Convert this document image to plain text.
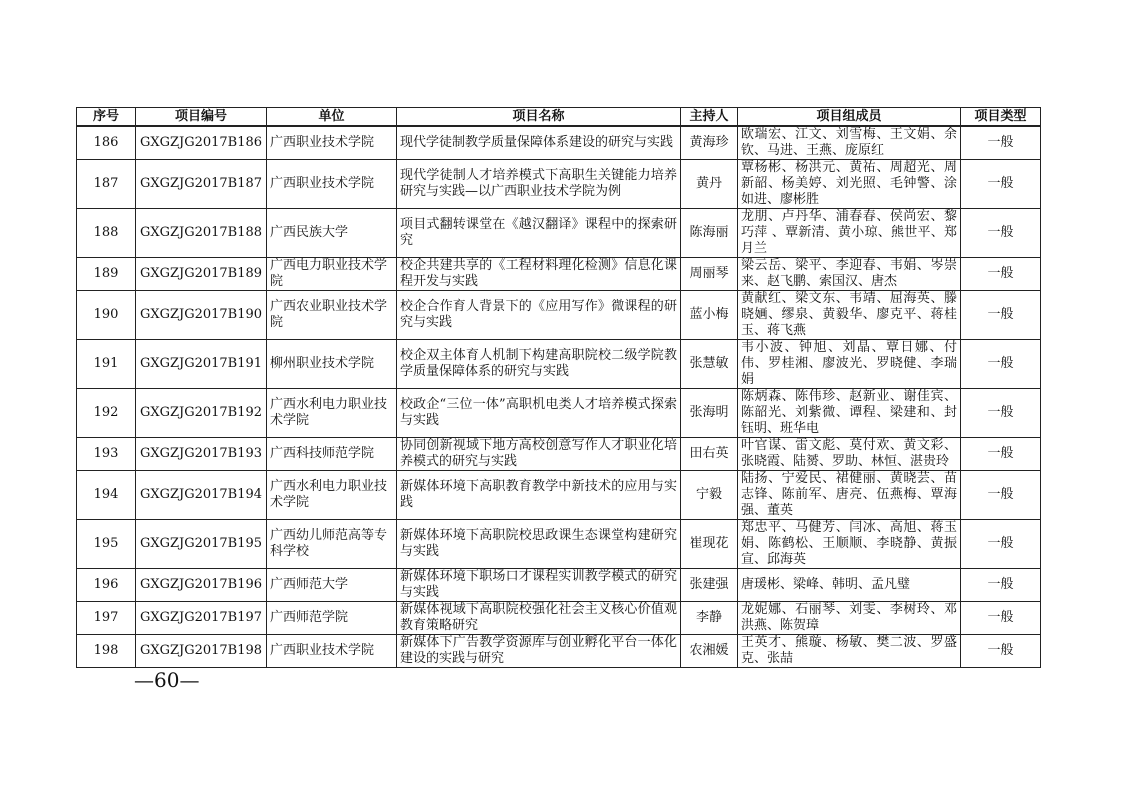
序号	项目编号	单位	项目名称	主持人	项目组成员	项目类型
186	GXGZJG2017B186	广西职业技术学院	现代学徒制教学质量保障体系建设的研究与实践	黄海珍	欧瑞宏、江文、刘雪梅、王文娟、余钦、马进、王燕、庞原红	一般
187	GXGZJG2017B187	广西职业技术学院	现代学徒制人才培养模式下高职生关键能力培养研究与实践—以广西职业技术学院为例	黄丹	覃杨彬、杨洪元、黄祐、周超光、周新韶、杨美婷、刘光照、毛钟警、涂如进、廖彬胜	一般
188	GXGZJG2017B188	广西民族大学	项目式翻转课堂在《越汉翻译》课程中的探索研究	陈海丽	龙朋、卢丹华、浦春春、侯尚宏、黎巧萍 、覃新清、黄小琼、熊世平、郑月兰	一般
189	GXGZJG2017B189	广西电力职业技术学院	校企共建共享的《工程材料理化检测》信息化课程开发与实践	周丽琴	梁云岳、梁平、李迎春、韦娟、岑崇来、赵飞鹏、索国汉、唐杰	一般
190	GXGZJG2017B190	广西农业职业技术学院	校企合作育人背景下的《应用写作》微课程的研究与实践	蓝小梅	黄献红、梁文东、韦靖、屈海英、滕晓婳、缪泉、黄毅华、廖克平、蒋桂玉、蒋飞燕	一般
191	GXGZJG2017B191	柳州职业技术学院	校企双主体育人机制下构建高职院校二级学院教学质量保障体系的研究与实践	张慧敏	韦小波、钟旭、刘晶、覃日娜、付伟、罗桂湘、廖波光、罗晓健、李瑞娟	一般
192	GXGZJG2017B192	广西水利电力职业技术学院	校政企“三位一体”高职机电类人才培养模式探索与实践	张海明	陈炳森、陈伟珍、赵新业、谢佳宾、陈韶光、刘紫微、谭程、梁建和、封钰明、班华电	一般
193	GXGZJG2017B193	广西科技师范学院	协同创新视域下地方高校创意写作人才职业化培养模式的研究与实践	田右英	叶官谋、雷文彪、莫付欢、黄文彩、张晓霞、陆赟、罗助、林恒、湛贵玲	一般
194	GXGZJG2017B194	广西水利电力职业技术学院	新媒体环境下高职教育教学中新技术的应用与实践	宁毅	陆扬、宁爱民、裙健丽、黄晓芸、苗志锋、陈前军、唐亮、伍燕梅、覃海强、董英	一般
195	GXGZJG2017B195	广西幼儿师范高等专科学校	新媒体环境下高职院校思政课生态课堂构建研究与实践	崔现花	郑忠平、马健芳、闫冰、高旭、蒋玉娟、陈鹤松、王顺顺、李晓静、黄振宣、邱海英	一般
196	GXGZJG2017B196	广西师范大学	新媒体环境下职场口才课程实训教学模式的研究与实践	张建强	唐瑗彬、梁峰、韩明、孟凡璧	一般
197	GXGZJG2017B197	广西师范学院	新媒体视域下高职院校强化社会主义核心价值观教育策略研究	李静	龙妮娜、石丽琴、刘雯、李树玲、邓洪燕、陈贺璋	一般
198	GXGZJG2017B198	广西职业技术学院	新媒体下广告教学资源库与创业孵化平台一体化建设的实践与研究	农湘媛	王英才、熊璇、杨敏、樊二波、罗盛克、张喆	一般
—60—
